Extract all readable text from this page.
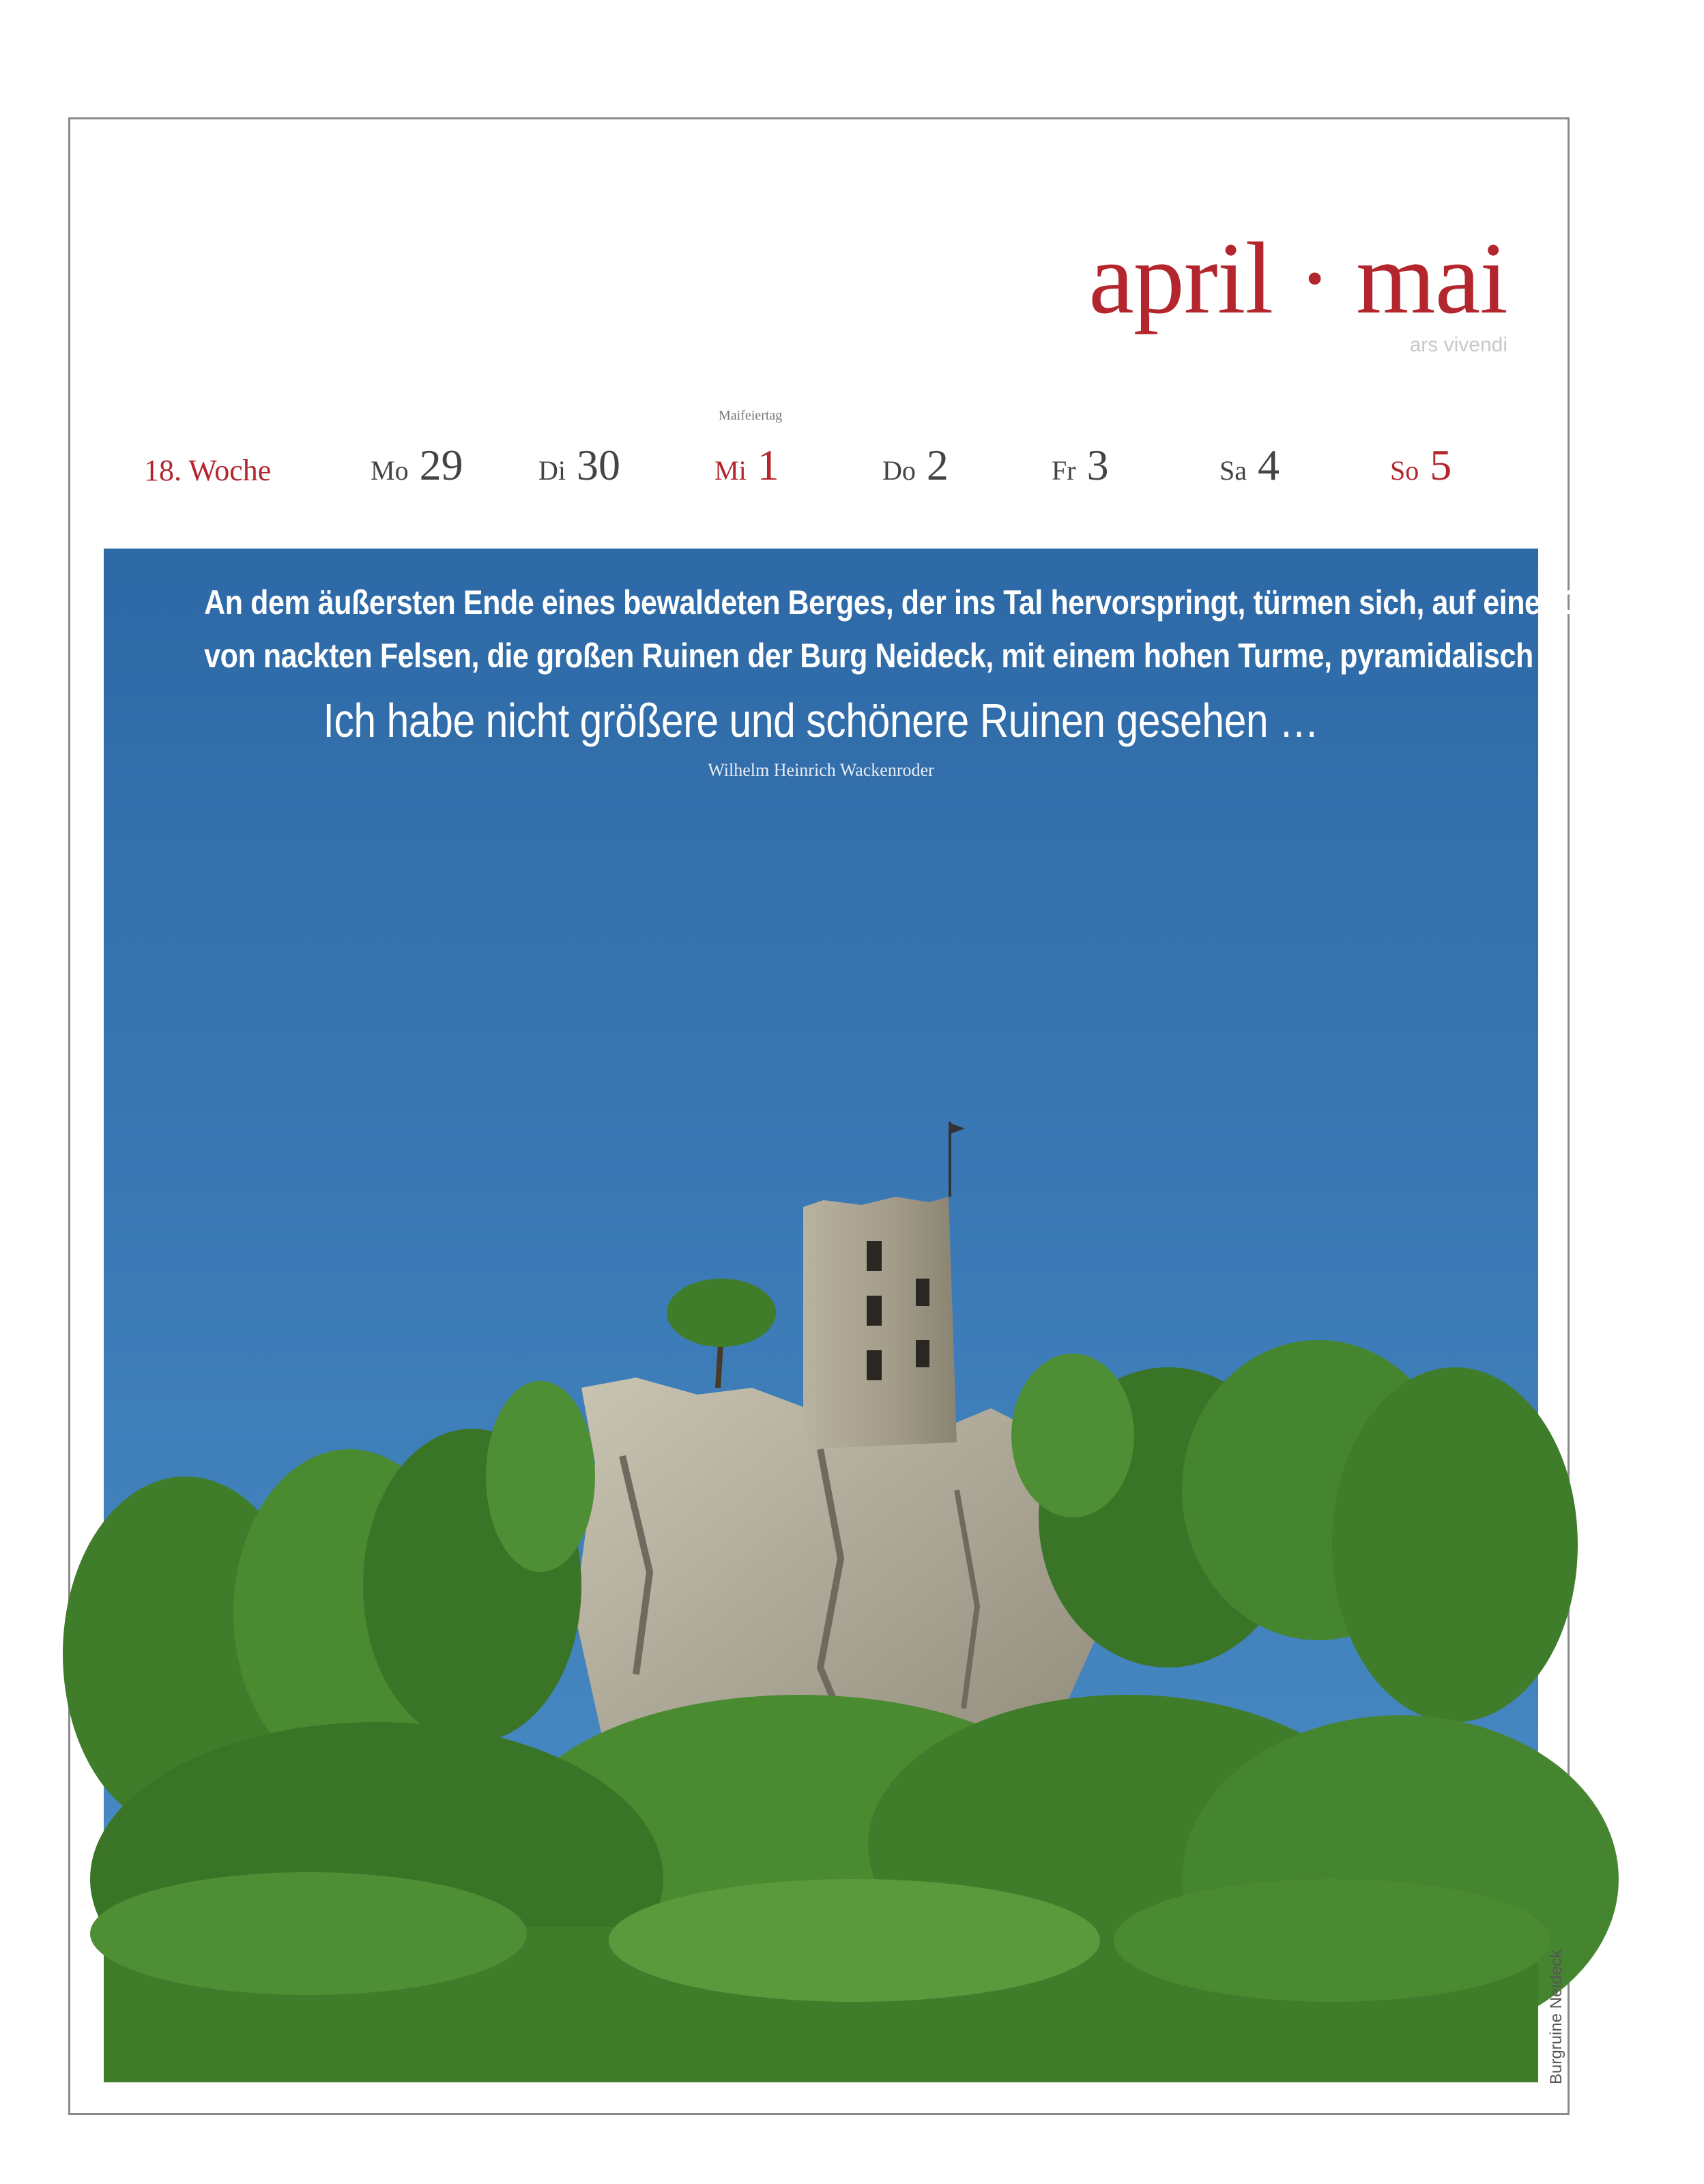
april · mai
ars vivendi
Maifeiertag
18. Woche	Mo 29	Di 30	Mi 1	Do 2	Fr 3	Sa 4	So 5
An dem äußersten Ende eines bewaldeten Berges, der ins Tal hervorspringt, türmen sich, auf einer Grundlage
von nackten Felsen, die großen Ruinen der Burg Neideck, mit einem hohen Turme, pyramidalisch in die Höhe.
Ich habe nicht größere und schönere Ruinen gesehen …
Wilhelm Heinrich Wackenroder
Burgruine Neideck
